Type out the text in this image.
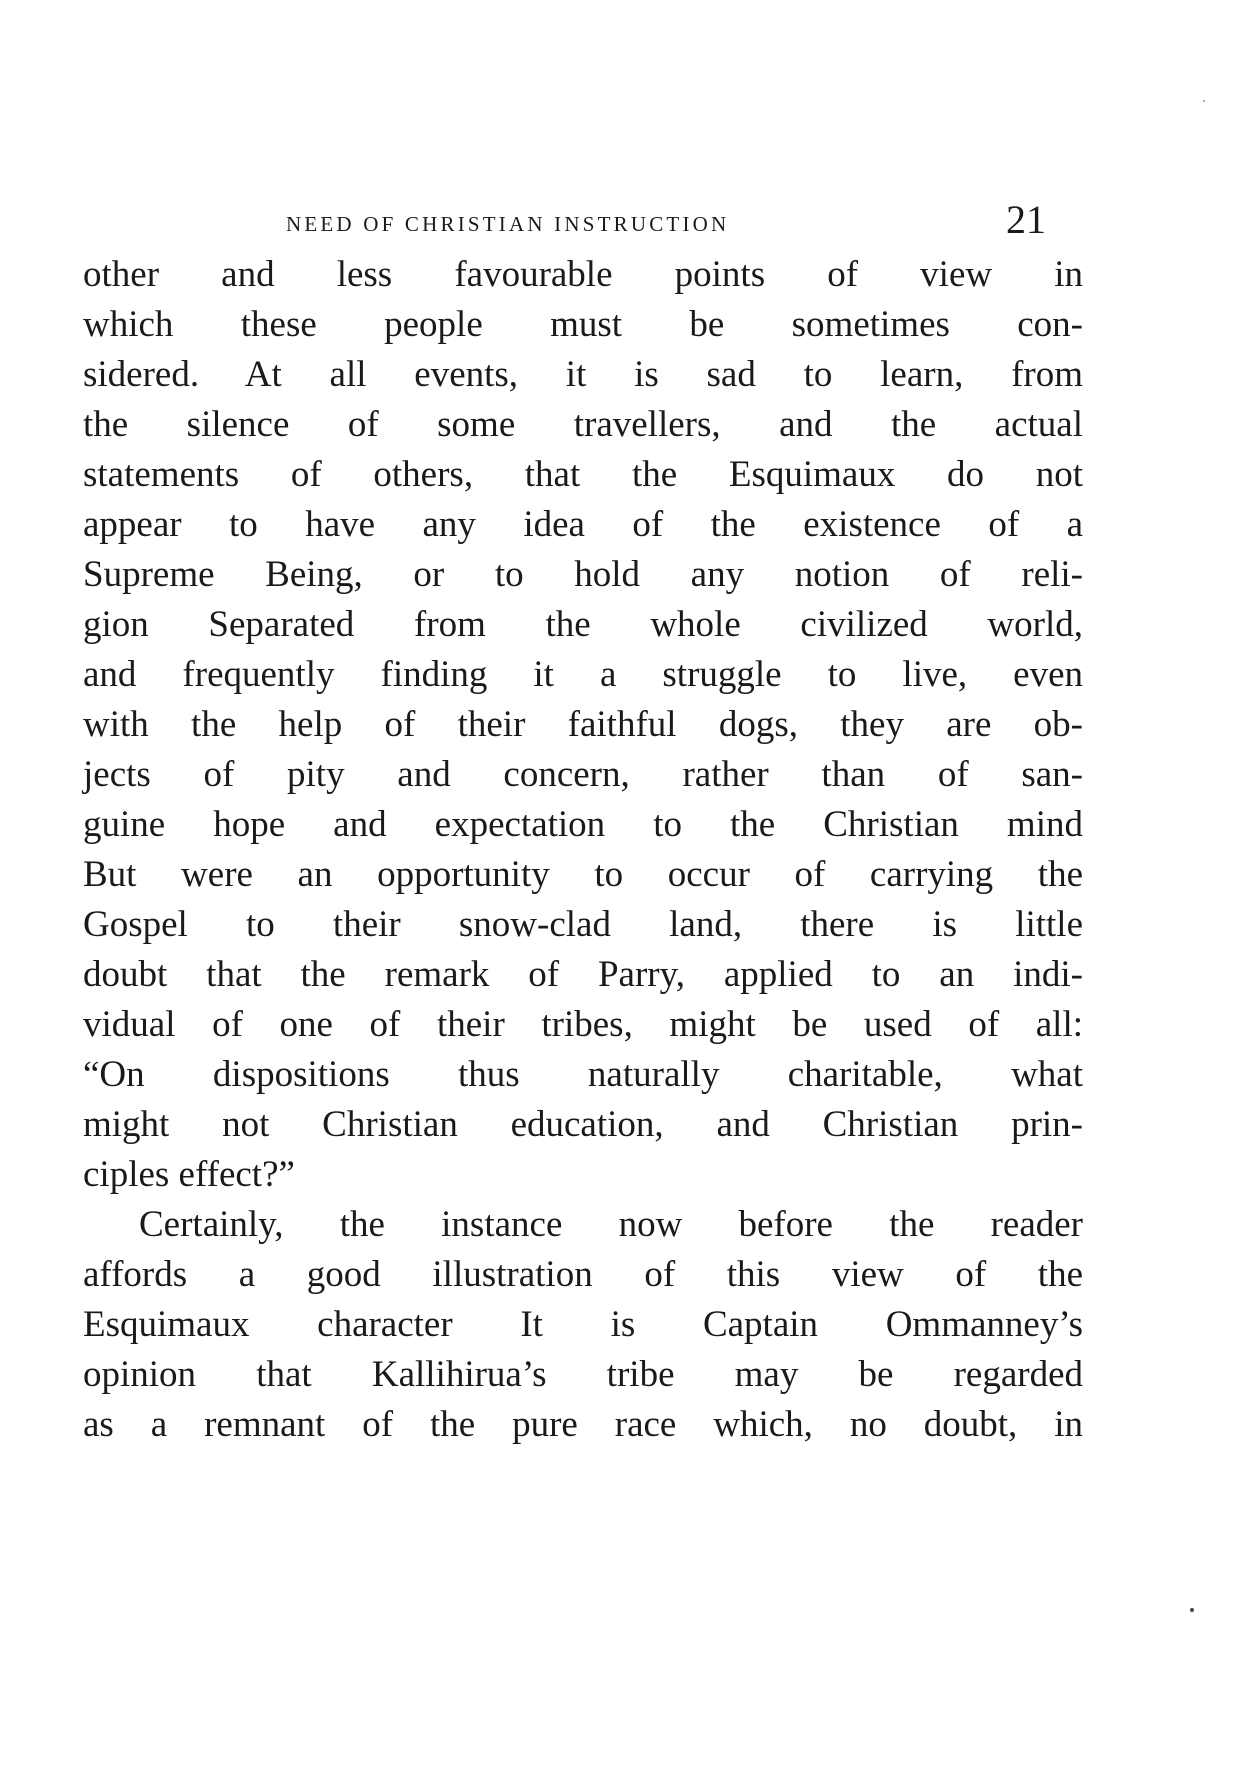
NEED OF CHRISTIAN INSTRUCTION	21
other and less favourable points of view in
which these people must be sometimes con-
sidered. At all events, it is sad to learn, from
the silence of some travellers, and the actual
statements of others, that the Esquimaux do not
appear to have any idea of the existence of a
Supreme Being, or to hold any notion of reli-
gion Separated from the whole civilized world,
and frequently finding it a struggle to live, even
with the help of their faithful dogs, they are ob-
jects of pity and concern, rather than of san-
guine hope and expectation to the Christian mind
But were an opportunity to occur of carrying the
Gospel to their snow-clad land, there is little
doubt that the remark of Parry, applied to an indi-
vidual of one of their tribes, might be used of all:
“On dispositions thus naturally charitable, what
might not Christian education, and Christian prin-
ciples effect?”
Certainly, the instance now before the reader
affords a good illustration of this view of the
Esquimaux character It is Captain Ommanney’s
opinion that Kallihirua’s tribe may be regarded
as a remnant of the pure race which, no doubt, in
